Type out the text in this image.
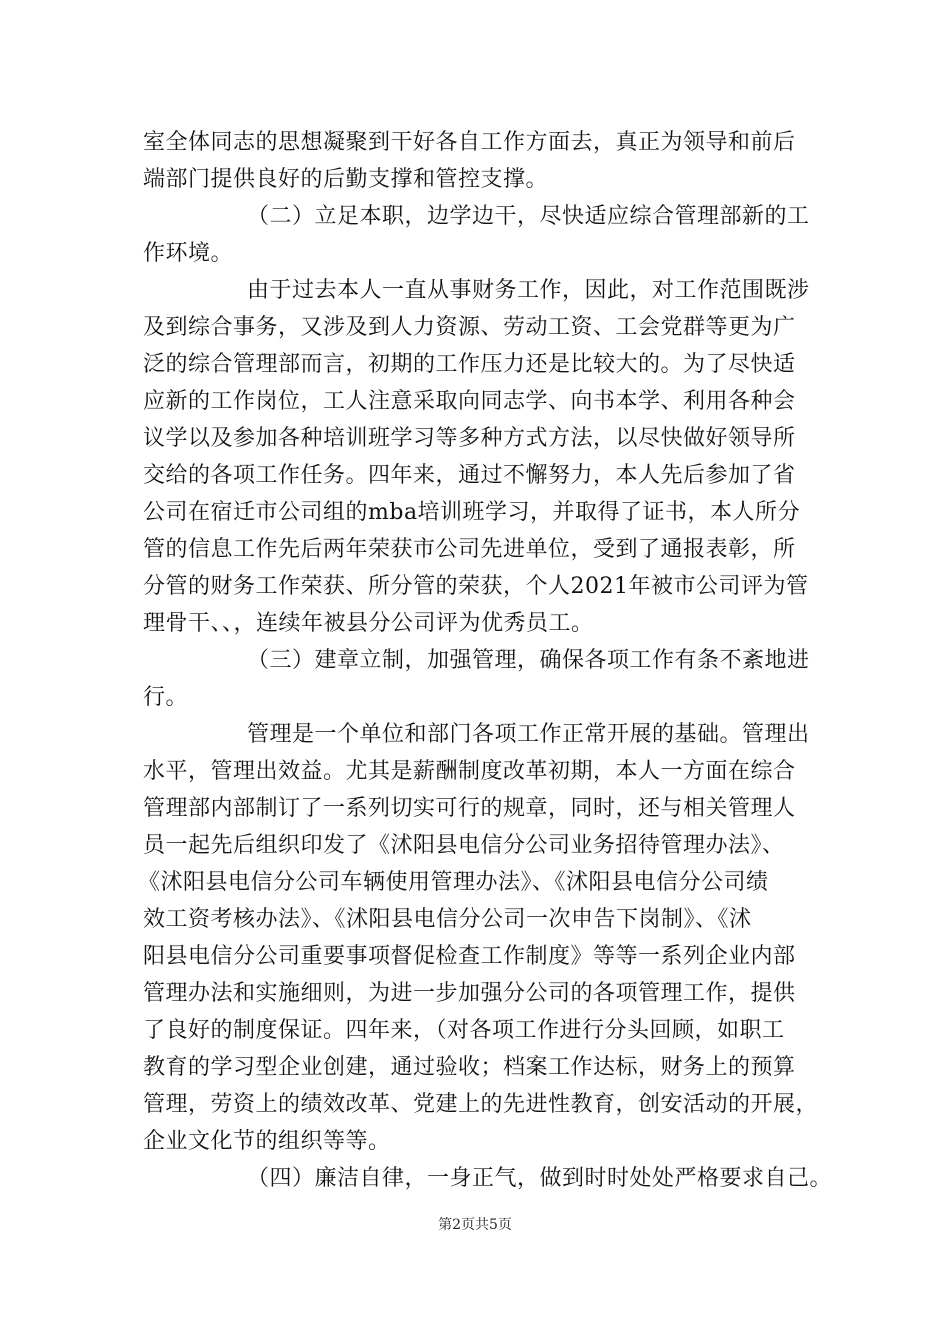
室全体同志的思想凝聚到干好各自工作方面去，真正为领导和前后
端部门提供良好的后勤支撑和管控支撑。
（二）立足本职，边学边干，尽快适应综合管理部新的工
作环境。
由于过去本人一直从事财务工作，因此，对工作范围既涉
及到综合事务，又涉及到人力资源、劳动工资、工会党群等更为广
泛的综合管理部而言，初期的工作压力还是比较大的。为了尽快适
应新的工作岗位，工人注意采取向同志学、向书本学、利用各种会
议学以及参加各种培训班学习等多种方式方法，以尽快做好领导所
交给的各项工作任务。四年来，通过不懈努力，本人先后参加了省
公司在宿迁市公司组的mba培训班学习，并取得了证书，本人所分
管的信息工作先后两年荣获市公司先进单位，受到了通报表彰，所
分管的财务工作荣获、所分管的荣获，个人2021年被市公司评为管
理骨干、、，连续年被县分公司评为优秀员工。
（三）建章立制，加强管理，确保各项工作有条不紊地进
行。
管理是一个单位和部门各项工作正常开展的基础。管理出
水平，管理出效益。尤其是薪酬制度改革初期，本人一方面在综合
管理部内部制订了一系列切实可行的规章，同时，还与相关管理人
员一起先后组织印发了《沭阳县电信分公司业务招待管理办法》、
《沭阳县电信分公司车辆使用管理办法》、《沭阳县电信分公司绩
效工资考核办法》、《沭阳县电信分公司一次申告下岗制》、《沭
阳县电信分公司重要事项督促检查工作制度》等等一系列企业内部
管理办法和实施细则，为进一步加强分公司的各项管理工作，提供
了良好的制度保证。四年来，（对各项工作进行分头回顾，如职工
教育的学习型企业创建，通过验收；档案工作达标，财务上的预算
管理，劳资上的绩效改革、党建上的先进性教育，创安活动的开展，
企业文化节的组织等等。
（四）廉洁自律，一身正气，做到时时处处严格要求自己。
第2页共5页
